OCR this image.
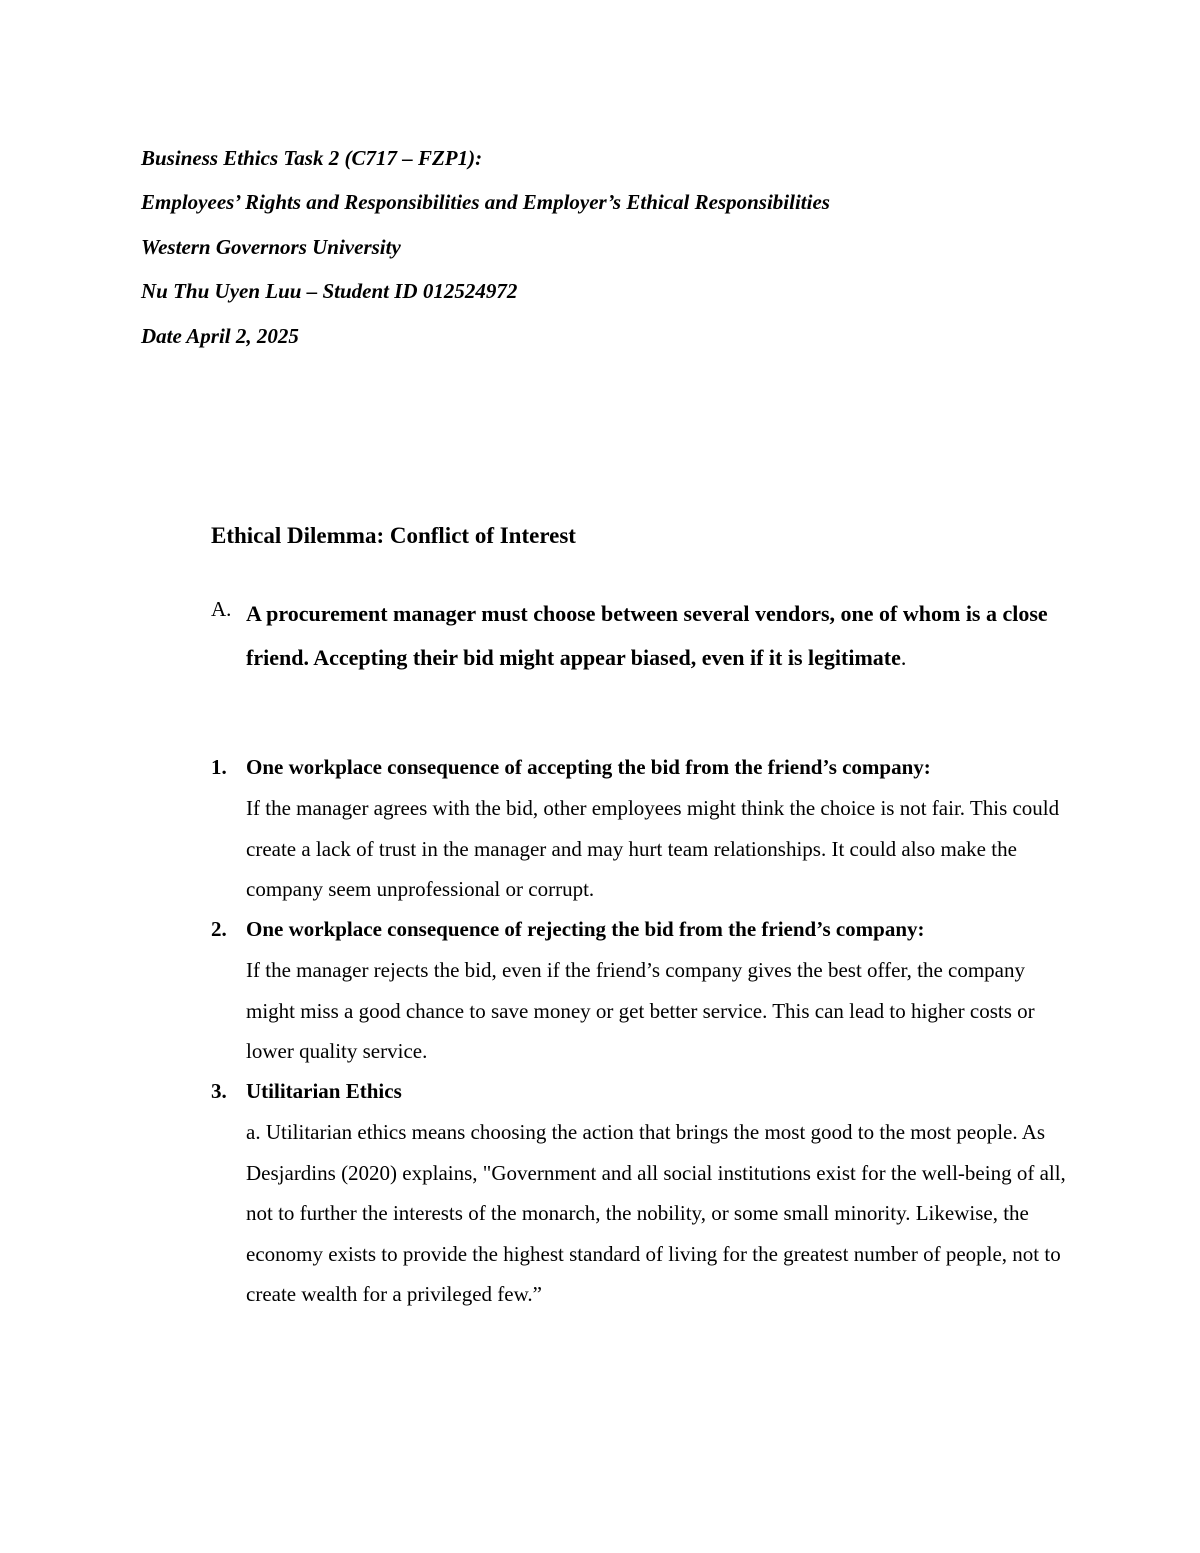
Business Ethics Task 2 (C717 – FZP1):
Employees’ Rights and Responsibilities and Employer’s Ethical Responsibilities
Western Governors University
Nu Thu Uyen Luu – Student ID 012524972
Date April 2, 2025
Ethical Dilemma: Conflict of Interest
A. A procurement manager must choose between several vendors, one of whom is a close friend. Accepting their bid might appear biased, even if it is legitimate.
1. One workplace consequence of accepting the bid from the friend’s company:
If the manager agrees with the bid, other employees might think the choice is not fair. This could create a lack of trust in the manager and may hurt team relationships. It could also make the company seem unprofessional or corrupt.
2. One workplace consequence of rejecting the bid from the friend’s company:
If the manager rejects the bid, even if the friend’s company gives the best offer, the company might miss a good chance to save money or get better service. This can lead to higher costs or lower quality service.
3. Utilitarian Ethics
a. Utilitarian ethics means choosing the action that brings the most good to the most people. As Desjardins (2020) explains, "Government and all social institutions exist for the well-being of all, not to further the interests of the monarch, the nobility, or some small minority. Likewise, the economy exists to provide the highest standard of living for the greatest number of people, not to create wealth for a privileged few.”
